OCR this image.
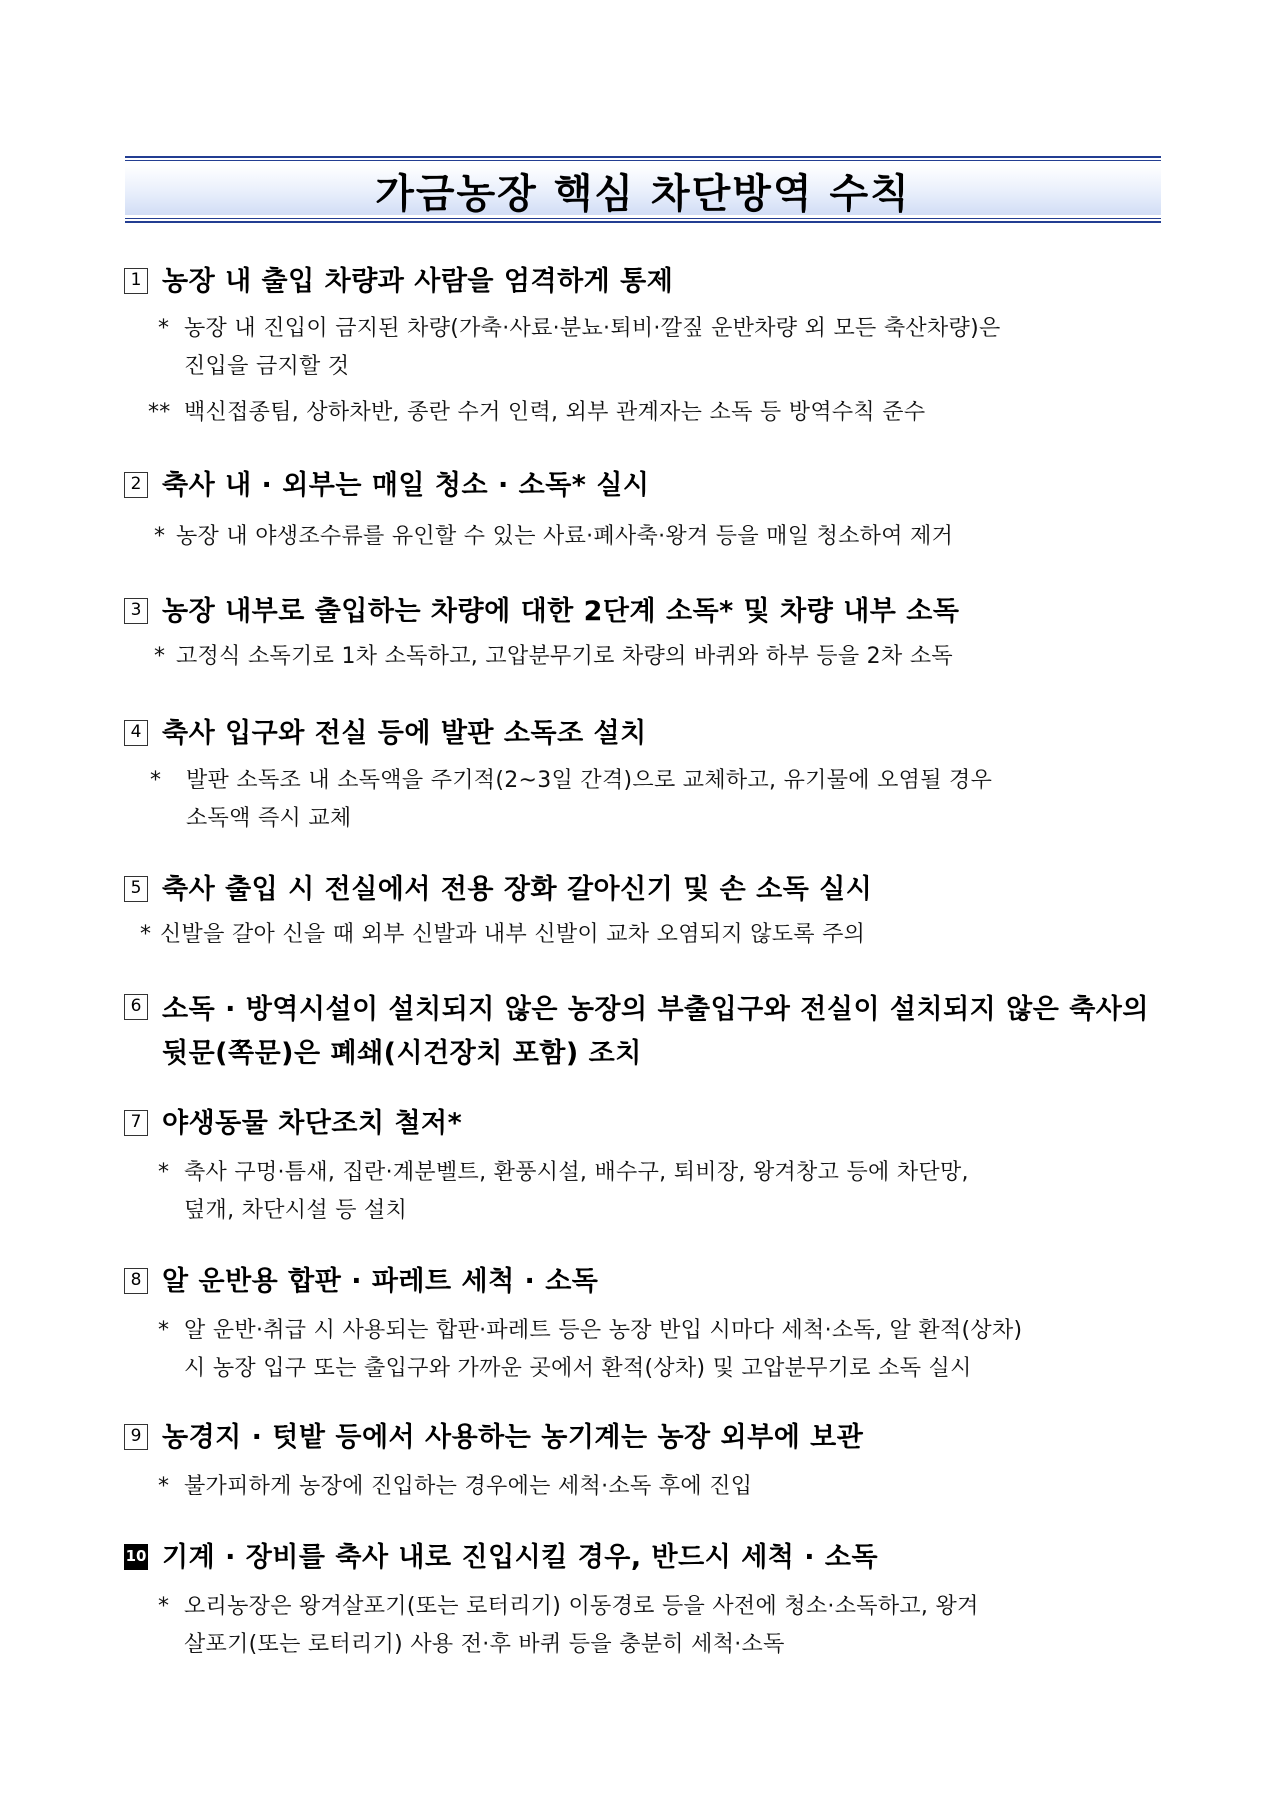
가금농장 핵심 차단방역 수칙
1 농장 내 출입 차량과 사람을 엄격하게 통제
* 농장 내 진입이 금지된 차량(가축·사료·분뇨·퇴비·깔짚 운반차량 외 모든 축산차량)은
진입을 금지할 것
** 백신접종팀, 상하차반, 종란 수거 인력, 외부 관계자는 소독 등 방역수칙 준수
2 축사 내 · 외부는 매일 청소 · 소독* 실시
* 농장 내 야생조수류를 유인할 수 있는 사료·폐사축·왕겨 등을 매일 청소하여 제거
3 농장 내부로 출입하는 차량에 대한 2단계 소독* 및 차량 내부 소독
* 고정식 소독기로 1차 소독하고, 고압분무기로 차량의 바퀴와 하부 등을 2차 소독
4 축사 입구와 전실 등에 발판 소독조 설치
* 발판 소독조 내 소독액을 주기적(2~3일 간격)으로 교체하고, 유기물에 오염될 경우
소독액 즉시 교체
5 축사 출입 시 전실에서 전용 장화 갈아신기 및 손 소독 실시
* 신발을 갈아 신을 때 외부 신발과 내부 신발이 교차 오염되지 않도록 주의
6 소독 · 방역시설이 설치되지 않은 농장의 부출입구와 전실이 설치되지 않은 축사의 뒷문(쪽문)은 폐쇄(시건장치 포함) 조치
7 야생동물 차단조치 철저*
* 축사 구멍·틈새, 집란·계분벨트, 환풍시설, 배수구, 퇴비장, 왕겨창고 등에 차단망,
덮개, 차단시설 등 설치
8 알 운반용 합판 · 파레트 세척 · 소독
* 알 운반·취급 시 사용되는 합판·파레트 등은 농장 반입 시마다 세척·소독, 알 환적(상차)
시 농장 입구 또는 출입구와 가까운 곳에서 환적(상차) 및 고압분무기로 소독 실시
9 농경지 · 텃밭 등에서 사용하는 농기계는 농장 외부에 보관
* 불가피하게 농장에 진입하는 경우에는 세척·소독 후에 진입
10 기계 · 장비를 축사 내로 진입시킬 경우, 반드시 세척 · 소독
* 오리농장은 왕겨살포기(또는 로터리기) 이동경로 등을 사전에 청소·소독하고, 왕겨
살포기(또는 로터리기) 사용 전·후 바퀴 등을 충분히 세척·소독
